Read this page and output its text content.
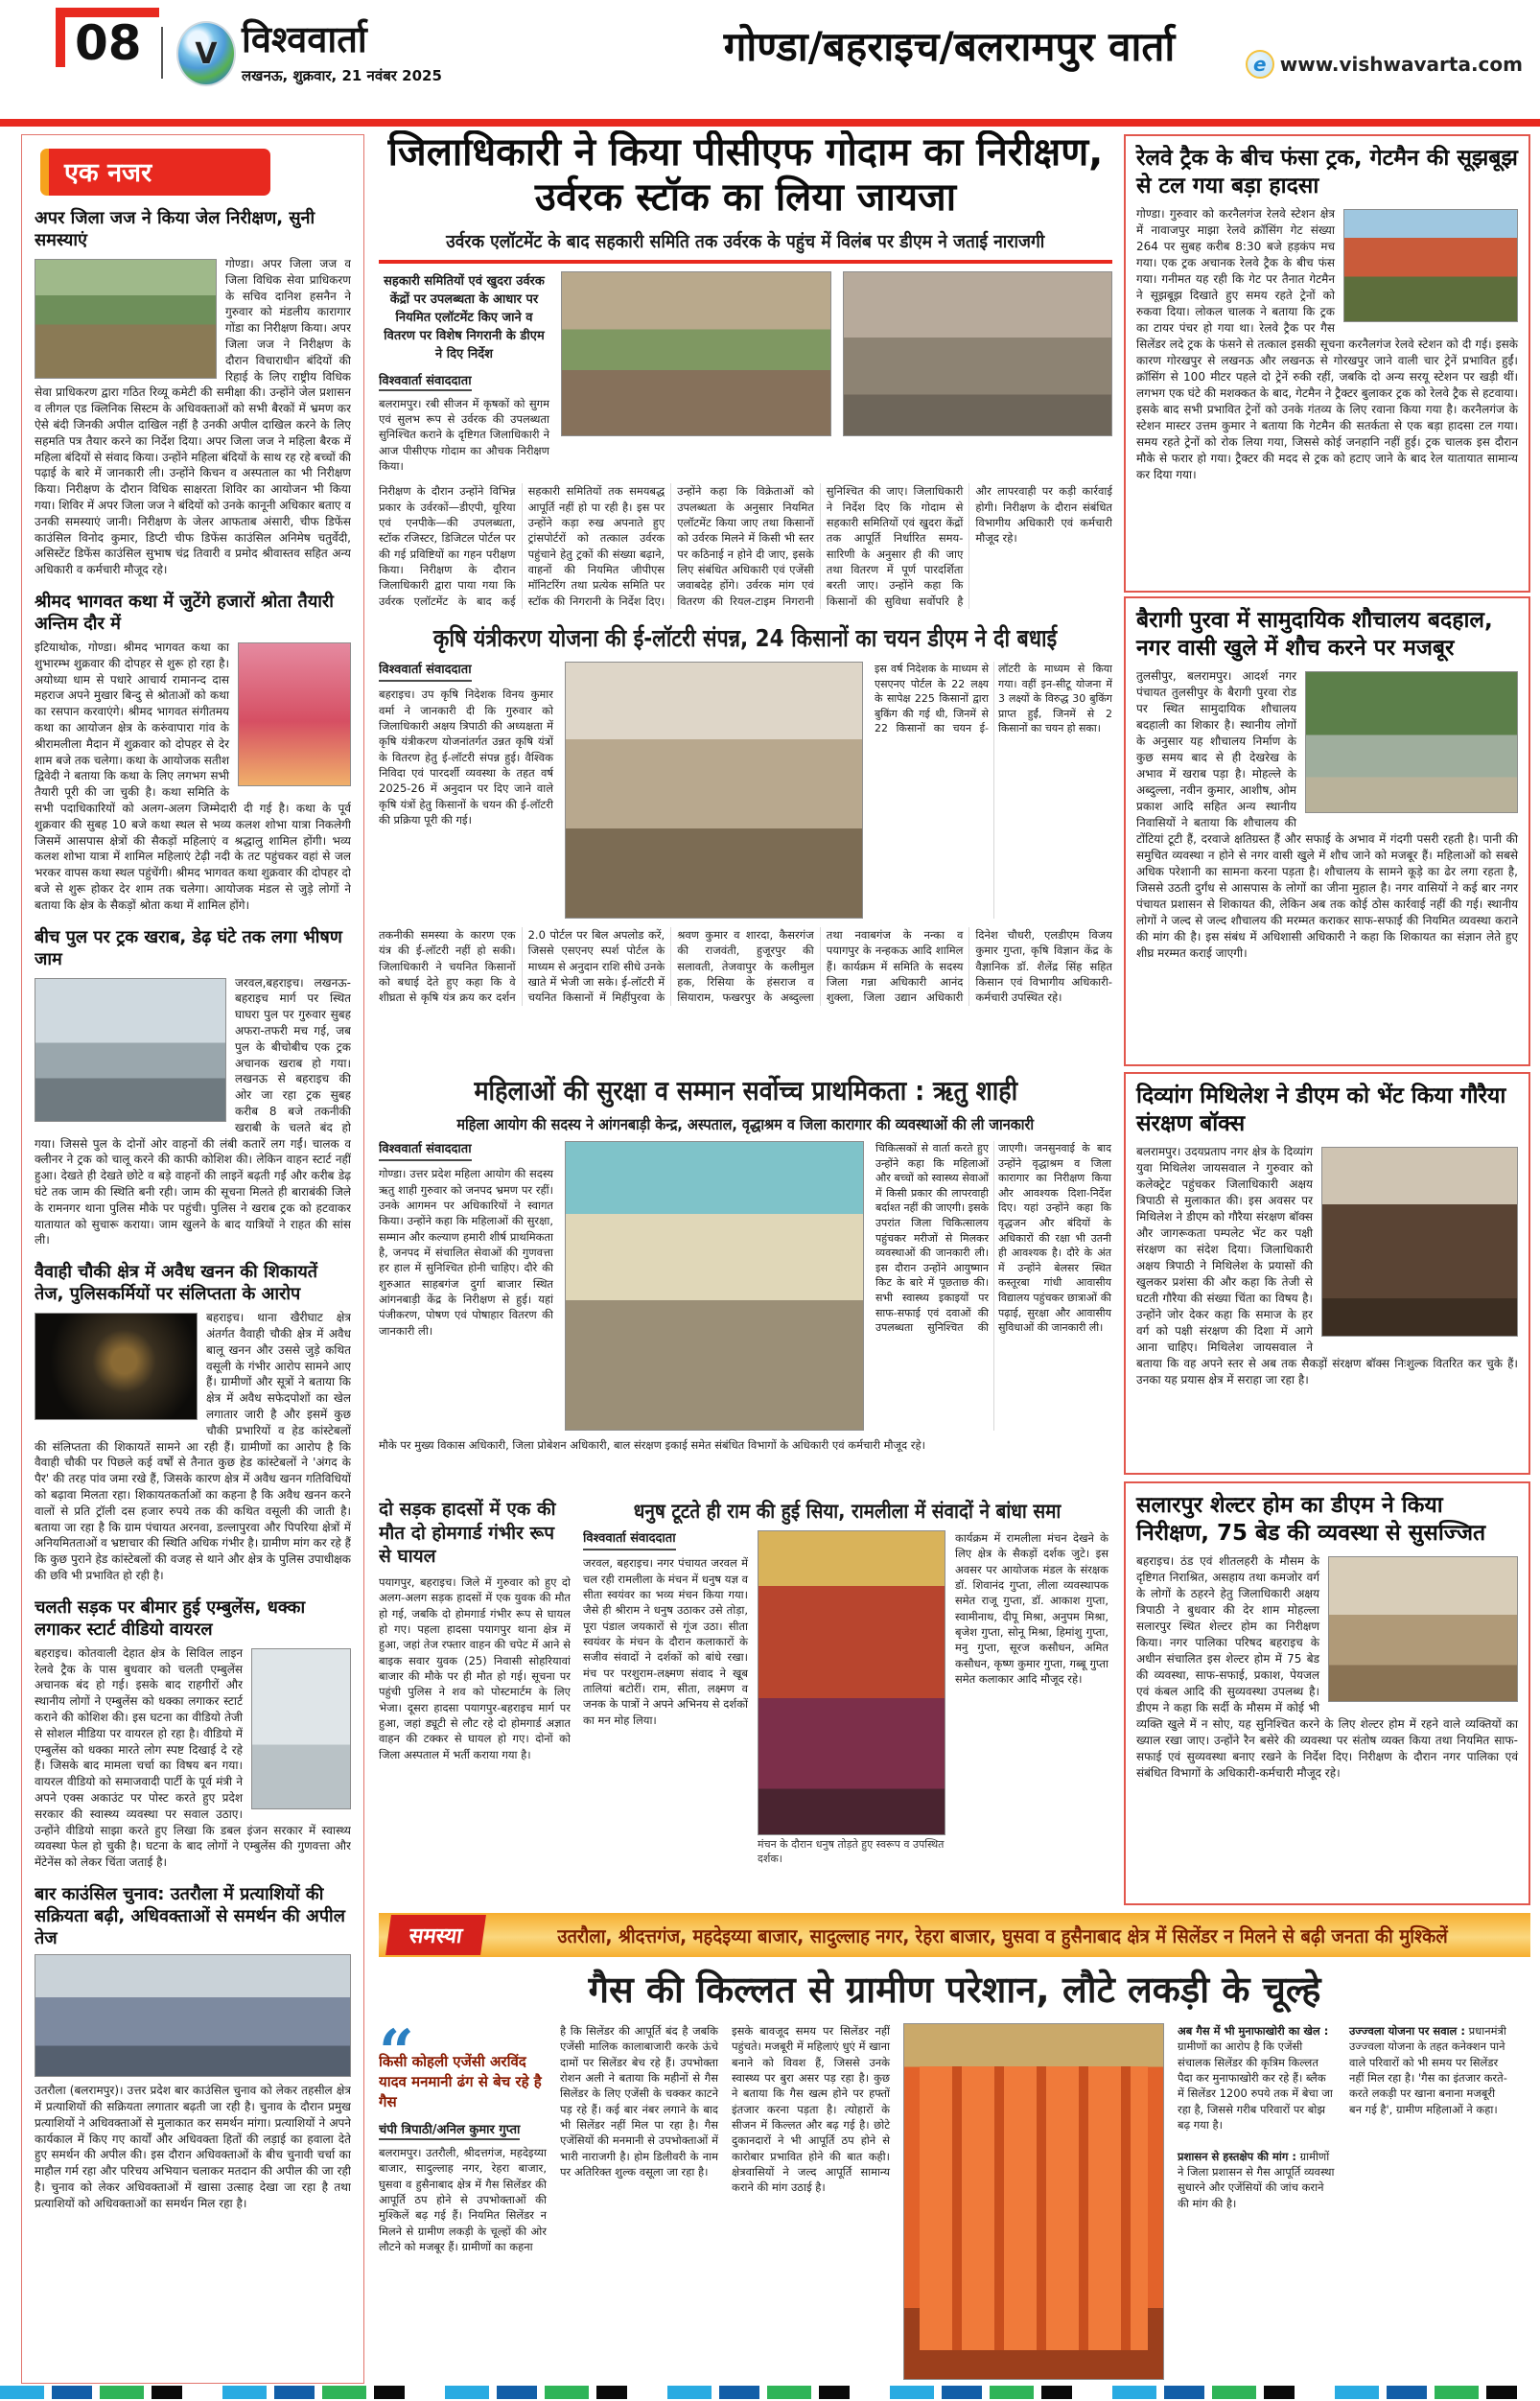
08	V विश्ववार्ता
लखनऊ, शुक्रवार, 21 नवंबर 2025
गोण्डा/बहराइच/बलरामपुर वार्ता	e www.vishwavarta.com
एक नजर
अपर जिला जज ने किया जेल निरीक्षण, सुनी समस्याएं

गोण्डा। अपर जिला जज व जिला विधिक सेवा प्राधिकरण के सचिव दानिश हसनैन ने गुरुवार को मंडलीय कारागार गोंडा का निरीक्षण किया। अपर जिला जज ने निरीक्षण के दौरान विचाराधीन बंदियों की रिहाई के लिए राष्ट्रीय विधिक सेवा प्राधिकरण द्वारा गठित रिव्यू कमेटी की समीक्षा की। उन्होंने जेल प्रशासन व लीगल एड क्लिनिक सिस्टम के अधिवक्ताओं को सभी बैरकों में भ्रमण कर ऐसे बंदी जिनकी अपील दाखिल नहीं है उनकी अपील दाखिल करने के लिए सहमति पत्र तैयार करने का निर्देश दिया। अपर जिला जज ने महिला बैरक में महिला बंदियों से संवाद किया। उन्होंने महिला बंदियों के साथ रह रहे बच्चों की पढ़ाई के बारे में जानकारी ली। उन्होंने किचन व अस्पताल का भी निरीक्षण किया। निरीक्षण के दौरान विधिक साक्षरता शिविर का आयोजन भी किया गया। शिविर में अपर जिला जज ने बंदियों को उनके कानूनी अधिकार बताए व उनकी समस्याएं जानी। निरीक्षण के जेलर आफताब अंसारी, चीफ डिफेंस काउंसिल विनोद कुमार, डिप्टी चीफ डिफेंस काउंसिल अनिमेष चतुर्वेदी, असिस्टेंट डिफेंस काउंसिल सुभाष चंद्र तिवारी व प्रमोद श्रीवास्तव सहित अन्य अधिकारी व कर्मचारी मौजूद रहे।

श्रीमद भागवत कथा में जुटेंगे हजारों श्रोता तैयारी अन्तिम दौर में

इटियाथोक, गोण्डा। श्रीमद भागवत कथा का शुभारम्भ शुक्रवार की दोपहर से शुरू हो रहा है। अयोध्या धाम से पधारे आचार्य रामानन्द दास महराज अपने मुखार बिन्दु से श्रोताओं को कथा का रसपान करवाएंगे। श्रीमद भागवत संगीतमय कथा का आयोजन क्षेत्र के करुंवापारा गांव के श्रीरामलीला मैदान में शुक्रवार को दोपहर से देर शाम बजे तक चलेगा। कथा के आयोजक सतीश द्विवेदी ने बताया कि कथा के लिए लगभग सभी तैयारी पूरी की जा चुकी है। कथा समिति के सभी पदाधिकारियों को अलग-अलग जिम्मेदारी दी गई है। कथा के पूर्व शुक्रवार की सुबह 10 बजे कथा स्थल से भव्य कलश शोभा यात्रा निकलेगी जिसमें आसपास क्षेत्रों की सैकड़ों महिलाएं व श्रद्धालु शामिल होंगी। भव्य कलश शोभा यात्रा में शामिल महिलाएं टेढ़ी नदी के तट पहुंचकर वहां से जल भरकर वापस कथा स्थल पहुंचेंगी। श्रीमद भागवत कथा शुक्रवार की दोपहर दो बजे से शुरू होकर देर शाम तक चलेगा। आयोजक मंडल से जुड़े लोगों ने बताया कि क्षेत्र के सैकड़ों श्रोता कथा में शामिल होंगे।

बीच पुल पर ट्रक खराब, डेढ़ घंटे तक लगा भीषण जाम

जरवल,बहराइच। लखनऊ-बहराइच मार्ग पर स्थित घाघरा पुल पर गुरुवार सुबह अफरा-तफरी मच गई, जब पुल के बीचोबीच एक ट्रक अचानक खराब हो गया। लखनऊ से बहराइच की ओर जा रहा ट्रक सुबह करीब 8 बजे तकनीकी खराबी के चलते बंद हो गया। जिससे पुल के दोनों ओर वाहनों की लंबी कतारें लग गईं। चालक व क्लीनर ने ट्रक को चालू करने की काफी कोशिश की। लेकिन वाहन स्टार्ट नहीं हुआ। देखते ही देखते छोटे व बड़े वाहनों की लाइनें बढ़ती गईं और करीब डेढ़ घंटे तक जाम की स्थिति बनी रही। जाम की सूचना मिलते ही बाराबंकी जिले के रामनगर थाना पुलिस मौके पर पहुंची। पुलिस ने खराब ट्रक को हटवाकर यातायात को सुचारू कराया। जाम खुलने के बाद यात्रियों ने राहत की सांस ली।

वैवाही चौकी क्षेत्र में अवैध खनन की शिकायतें तेज, पुलिसकर्मियों पर संलिप्तता के आरोप

बहराइच। थाना खैरीघाट क्षेत्र अंतर्गत वैवाही चौकी क्षेत्र में अवैध बालू खनन और उससे जुड़े कथित वसूली के गंभीर आरोप सामने आए हैं। ग्रामीणों और सूत्रों ने बताया कि क्षेत्र में अवैध सफेदपोशों का खेल लगातार जारी है और इसमें कुछ चौकी प्रभारियों व हेड कांस्टेबलों की संलिप्तता की शिकायतें सामने आ रही हैं। ग्रामीणों का आरोप है कि वैवाही चौकी पर पिछले कई वर्षों से तैनात कुछ हेड कांस्टेबलों ने 'अंगद के पैर' की तरह पांव जमा रखे हैं, जिसके कारण क्षेत्र में अवैध खनन गतिविधियों को बढ़ावा मिलता रहा। शिकायतकर्ताओं का कहना है कि अवैध खनन करने वालों से प्रति ट्रॉली दस हजार रुपये तक की कथित वसूली की जाती है। बताया जा रहा है कि ग्राम पंचायत अरनवा, डल्लापुरवा और पिपरिया क्षेत्रों में अनियमितताओं व भ्रष्टाचार की स्थिति अधिक गंभीर है। ग्रामीण मांग कर रहे हैं कि कुछ पुराने हेड कांस्टेबलों की वजह से थाने और क्षेत्र के पुलिस उपाधीक्षक की छवि भी प्रभावित हो रही है।

चलती सड़क पर बीमार हुई एम्बुलेंस, धक्का लगाकर स्टार्ट वीडियो वायरल

बहराइच। कोतवाली देहात क्षेत्र के सिविल लाइन रेलवे ट्रैक के पास बुधवार को चलती एम्बुलेंस अचानक बंद हो गई। इसके बाद राहगीरों और स्थानीय लोगों ने एम्बुलेंस को धक्का लगाकर स्टार्ट कराने की कोशिश की। इस घटना का वीडियो तेजी से सोशल मीडिया पर वायरल हो रहा है। वीडियो में एम्बुलेंस को धक्का मारते लोग स्पष्ट दिखाई दे रहे हैं। जिसके बाद मामला चर्चा का विषय बन गया। वायरल वीडियो को समाजवादी पार्टी के पूर्व मंत्री ने अपने एक्स अकाउंट पर पोस्ट करते हुए प्रदेश सरकार की स्वास्थ्य व्यवस्था पर सवाल उठाए। उन्होंने वीडियो साझा करते हुए लिखा कि डबल इंजन सरकार में स्वास्थ्य व्यवस्था फेल हो चुकी है। घटना के बाद लोगों ने एम्बुलेंस की गुणवत्ता और मेंटेनेंस को लेकर चिंता जताई है।

बार काउंसिल चुनाव: उतरौला में प्रत्याशियों की सक्रियता बढ़ी, अधिवक्ताओं से समर्थन की अपील तेज

उतरौला (बलरामपुर)। उत्तर प्रदेश बार काउंसिल चुनाव को लेकर तहसील क्षेत्र में प्रत्याशियों की सक्रियता लगातार बढ़ती जा रही है। चुनाव के दौरान प्रमुख प्रत्याशियों ने अधिवक्ताओं से मुलाकात कर समर्थन मांगा। प्रत्याशियों ने अपने कार्यकाल में किए गए कार्यों और अधिवक्ता हितों की लड़ाई का हवाला देते हुए समर्थन की अपील की। इस दौरान अधिवक्ताओं के बीच चुनावी चर्चा का माहौल गर्म रहा और परिचय अभियान चलाकर मतदान की अपील की जा रही है। चुनाव को लेकर अधिवक्ताओं में खासा उत्साह देखा जा रहा है तथा प्रत्याशियों को अधिवक्ताओं का समर्थन मिल रहा है।

जिलाधिकारी ने किया पीसीएफ गोदाम का निरीक्षण, उर्वरक स्टॉक का लिया जायजा
उर्वरक एलॉटमेंट के बाद सहकारी समिति तक उर्वरक के पहुंच में विलंब पर डीएम ने जताई नाराजगी
सहकारी समितियों एवं खुदरा उर्वरक केंद्रों पर उपलब्धता के आधार पर नियमित एलॉटमेंट किए जाने व वितरण पर विशेष निगरानी के डीएम ने दिए निर्देश
विश्ववार्ता संवाददाता

बलरामपुर। रबी सीजन में कृषकों को सुगम एवं सुलभ रूप से उर्वरक की उपलब्धता सुनिश्चित कराने के दृष्टिगत जिलाधिकारी ने आज पीसीएफ गोदाम का औचक निरीक्षण किया।

निरीक्षण के दौरान उन्होंने विभिन्न प्रकार के उर्वरकों—डीएपी, यूरिया एवं एनपीके—की उपलब्धता, स्टॉक रजिस्टर, डिजिटल पोर्टल पर की गई प्रविष्टियों का गहन परीक्षण किया। निरीक्षण के दौरान जिलाधिकारी द्वारा पाया गया कि उर्वरक एलॉटमेंट के बाद कई सहकारी समितियों तक समयबद्ध आपूर्ति नहीं हो पा रही है। इस पर उन्होंने कड़ा रुख अपनाते हुए ट्रांसपोर्टरों को तत्काल उर्वरक पहुंचाने हेतु ट्रकों की संख्या बढ़ाने, वाहनों की नियमित जीपीएस मॉनिटरिंग तथा प्रत्येक समिति पर स्टॉक की निगरानी के निर्देश दिए। उन्होंने कहा कि विक्रेताओं को उपलब्धता के अनुसार नियमित एलॉटमेंट किया जाए तथा किसानों को उर्वरक मिलने में किसी भी स्तर पर कठिनाई न होने दी जाए, इसके लिए संबंधित अधिकारी एवं एजेंसी जवाबदेह होंगे। उर्वरक मांग एवं वितरण की रियल-टाइम निगरानी सुनिश्चित की जाए। जिलाधिकारी ने निर्देश दिए कि गोदाम से सहकारी समितियों एवं खुदरा केंद्रों तक आपूर्ति निर्धारित समय-सारिणी के अनुसार ही की जाए तथा वितरण में पूर्ण पारदर्शिता बरती जाए। उन्होंने कहा कि किसानों की सुविधा सर्वोपरि है और लापरवाही पर कड़ी कार्रवाई होगी। निरीक्षण के दौरान संबंधित विभागीय अधिकारी एवं कर्मचारी मौजूद रहे।
रेलवे ट्रैक के बीच फंसा ट्रक, गेटमैन की सूझबूझ से टल गया बड़ा हादसा

गोण्डा। गुरुवार को करनैलगंज रेलवे स्टेशन क्षेत्र में नावाजपुर माझा रेलवे क्रॉसिंग गेट संख्या 264 पर सुबह करीब 8:30 बजे हड़कंप मच गया। एक ट्रक अचानक रेलवे ट्रैक के बीच फंस गया। गनीमत यह रही कि गेट पर तैनात गेटमैन ने सूझबूझ दिखाते हुए समय रहते ट्रेनों को रुकवा दिया। लोकल चालक ने बताया कि ट्रक का टायर पंचर हो गया था। रेलवे ट्रैक पर गैस सिलेंडर लदे ट्रक के फंसने से तत्काल इसकी सूचना करनैलगंज रेलवे स्टेशन को दी गई। इसके कारण गोरखपुर से लखनऊ और लखनऊ से गोरखपुर जाने वाली चार ट्रेनें प्रभावित हुईं। क्रॉसिंग से 100 मीटर पहले दो ट्रेनें रुकी रहीं, जबकि दो अन्य सरयू स्टेशन पर खड़ी थीं। लगभग एक घंटे की मशक्कत के बाद, गेटमैन ने ट्रैक्टर बुलाकर ट्रक को रेलवे ट्रैक से हटवाया। इसके बाद सभी प्रभावित ट्रेनों को उनके गंतव्य के लिए रवाना किया गया है। करनैलगंज के स्टेशन मास्टर उत्तम कुमार ने बताया कि गेटमैन की सतर्कता से एक बड़ा हादसा टल गया। समय रहते ट्रेनों को रोक लिया गया, जिससे कोई जनहानि नहीं हुई। ट्रक चालक इस दौरान मौके से फरार हो गया। ट्रैक्टर की मदद से ट्रक को हटाए जाने के बाद रेल यातायात सामान्य कर दिया गया।

कृषि यंत्रीकरण योजना की ई-लॉटरी संपन्न, 24 किसानों का चयन डीएम ने दी बधाई
विश्ववार्ता संवाददाता

बहराइच। उप कृषि निदेशक विनय कुमार वर्मा ने जानकारी दी कि गुरुवार को जिलाधिकारी अक्षय त्रिपाठी की अध्यक्षता में कृषि यंत्रीकरण योजनांतर्गत उन्नत कृषि यंत्रों के वितरण हेतु ई-लॉटरी संपन्न हुई। वैश्विक निविदा एवं पारदर्शी व्यवस्था के तहत वर्ष 2025-26 में अनुदान पर दिए जाने वाले कृषि यंत्रों हेतु किसानों के चयन की ई-लॉटरी की प्रक्रिया पूरी की गई।

इस वर्ष निदेशक के माध्यम से एसएनए पोर्टल के 22 लक्ष्य के सापेक्ष 225 किसानों द्वारा बुकिंग की गई थी, जिनमें से 22 किसानों का चयन ई-लॉटरी के माध्यम से किया गया। वहीं इन-सीटू योजना में 3 लक्ष्यों के विरुद्ध 30 बुकिंग प्राप्त हुईं, जिनमें से 2 किसानों का चयन हो सका।
तकनीकी समस्या के कारण एक यंत्र की ई-लॉटरी नहीं हो सकी। जिलाधिकारी ने चयनित किसानों को बधाई देते हुए कहा कि वे शीघ्रता से कृषि यंत्र क्रय कर दर्शन 2.0 पोर्टल पर बिल अपलोड करें, जिससे एसएनए स्पर्श पोर्टल के माध्यम से अनुदान राशि सीधे उनके खाते में भेजी जा सके। ई-लॉटरी में चयनित किसानों में मिहींपुरवा के श्रवण कुमार व शारदा, कैसरगंज की राजवंती, हुजूरपुर की सलावती, तेजवापुर के कलीमुल हक, रिसिया के हंसराज व सियाराम, फखरपुर के अब्दुल्ला तथा नवाबगंज के नन्का व पयागपुर के नन्हकऊ आदि शामिल हैं। कार्यक्रम में समिति के सदस्य जिला गन्ना अधिकारी आनंद शुक्ला, जिला उद्यान अधिकारी दिनेश चौधरी, एलडीएम विजय कुमार गुप्ता, कृषि विज्ञान केंद्र के वैज्ञानिक डॉ. शैलेंद्र सिंह सहित किसान एवं विभागीय अधिकारी-कर्मचारी उपस्थित रहे।
बैरागी पुरवा में सामुदायिक शौचालय बदहाल, नगर वासी खुले में शौच करने पर मजबूर

तुलसीपुर, बलरामपुर। आदर्श नगर पंचायत तुलसीपुर के बैरागी पुरवा रोड पर स्थित सामुदायिक शौचालय बदहाली का शिकार है। स्थानीय लोगों के अनुसार यह शौचालय निर्माण के कुछ समय बाद से ही देखरेख के अभाव में खराब पड़ा है। मोहल्ले के अब्दुल्ला, नवीन कुमार, आशीष, ओम प्रकाश आदि सहित अन्य स्थानीय निवासियों ने बताया कि शौचालय की टोंटियां टूटी हैं, दरवाजे क्षतिग्रस्त हैं और सफाई के अभाव में गंदगी पसरी रहती है। पानी की समुचित व्यवस्था न होने से नगर वासी खुले में शौच जाने को मजबूर हैं। महिलाओं को सबसे अधिक परेशानी का सामना करना पड़ता है। शौचालय के सामने कूड़े का ढेर लगा रहता है, जिससे उठती दुर्गंध से आसपास के लोगों का जीना मुहाल है। नगर वासियों ने कई बार नगर पंचायत प्रशासन से शिकायत की, लेकिन अब तक कोई ठोस कार्रवाई नहीं की गई। स्थानीय लोगों ने जल्द से जल्द शौचालय की मरम्मत कराकर साफ-सफाई की नियमित व्यवस्था कराने की मांग की है। इस संबंध में अधिशासी अधिकारी ने कहा कि शिकायत का संज्ञान लेते हुए शीघ्र मरम्मत कराई जाएगी।

महिलाओं की सुरक्षा व सम्मान सर्वोच्च प्राथमिकता : ऋतु शाही
महिला आयोग की सदस्य ने आंगनबाड़ी केन्द्र, अस्पताल, वृद्धाश्रम व जिला कारागार की व्यवस्थाओं की ली जानकारी
विश्ववार्ता संवाददाता

गोण्डा। उत्तर प्रदेश महिला आयोग की सदस्य ऋतु शाही गुरुवार को जनपद भ्रमण पर रहीं। उनके आगमन पर अधिकारियों ने स्वागत किया। उन्होंने कहा कि महिलाओं की सुरक्षा, सम्मान और कल्याण हमारी शीर्ष प्राथमिकता है, जनपद में संचालित सेवाओं की गुणवत्ता हर हाल में सुनिश्चित होनी चाहिए। दौरे की शुरुआत साहबगंज दुर्गा बाजार स्थित आंगनबाड़ी केंद्र के निरीक्षण से हुई। यहां पंजीकरण, पोषण एवं पोषाहार वितरण की जानकारी ली।

चिकित्सकों से वार्ता करते हुए उन्होंने कहा कि महिलाओं और बच्चों को स्वास्थ्य सेवाओं में किसी प्रकार की लापरवाही बर्दाश्त नहीं की जाएगी। इसके उपरांत जिला चिकित्सालय पहुंचकर मरीजों से मिलकर व्यवस्थाओं की जानकारी ली। इस दौरान उन्होंने आयुष्मान किट के बारे में पूछताछ की। सभी स्वास्थ्य इकाइयों पर साफ-सफाई एवं दवाओं की उपलब्धता सुनिश्चित की जाएगी। जनसुनवाई के बाद उन्होंने वृद्धाश्रम व जिला कारागार का निरीक्षण किया और आवश्यक दिशा-निर्देश दिए। यहां उन्होंने कहा कि वृद्धजन और बंदियों के अधिकारों की रक्षा भी उतनी ही आवश्यक है। दौरे के अंत में उन्होंने बेलसर स्थित कस्तूरबा गांधी आवासीय विद्यालय पहुंचकर छात्राओं की पढ़ाई, सुरक्षा और आवासीय सुविधाओं की जानकारी ली।

मौके पर मुख्य विकास अधिकारी, जिला प्रोबेशन अधिकारी, बाल संरक्षण इकाई समेत संबंधित विभागों के अधिकारी एवं कर्मचारी मौजूद रहे।

दिव्यांग मिथिलेश ने डीएम को भेंट किया गौरैया संरक्षण बॉक्स

बलरामपुर। उदयप्रताप नगर क्षेत्र के दिव्यांग युवा मिथिलेश जायसवाल ने गुरुवार को कलेक्ट्रेट पहुंचकर जिलाधिकारी अक्षय त्रिपाठी से मुलाकात की। इस अवसर पर मिथिलेश ने डीएम को गौरैया संरक्षण बॉक्स और जागरूकता पम्पलेट भेंट कर पक्षी संरक्षण का संदेश दिया। जिलाधिकारी अक्षय त्रिपाठी ने मिथिलेश के प्रयासों की खुलकर प्रशंसा की और कहा कि तेजी से घटती गौरैया की संख्या चिंता का विषय है। उन्होंने जोर देकर कहा कि समाज के हर वर्ग को पक्षी संरक्षण की दिशा में आगे आना चाहिए। मिथिलेश जायसवाल ने बताया कि वह अपने स्तर से अब तक सैकड़ों संरक्षण बॉक्स निःशुल्क वितरित कर चुके हैं। उनका यह प्रयास क्षेत्र में सराहा जा रहा है।

दो सड़क हादसों में एक की मौत दो होमगार्ड गंभीर रूप से घायल

पयागपुर, बहराइच। जिले में गुरुवार को हुए दो अलग-अलग सड़क हादसों में एक युवक की मौत हो गई, जबकि दो होमगार्ड गंभीर रूप से घायल हो गए। पहला हादसा पयागपुर थाना क्षेत्र में हुआ, जहां तेज रफ्तार वाहन की चपेट में आने से बाइक सवार युवक (25) निवासी सोहरियावां बाजार की मौके पर ही मौत हो गई। सूचना पर पहुंची पुलिस ने शव को पोस्टमार्टम के लिए भेजा। दूसरा हादसा पयागपुर-बहराइच मार्ग पर हुआ, जहां ड्यूटी से लौट रहे दो होमगार्ड अज्ञात वाहन की टक्कर से घायल हो गए। दोनों को जिला अस्पताल में भर्ती कराया गया है।

धनुष टूटते ही राम की हुई सिया, रामलीला में संवादों ने बांधा समा
विश्ववार्ता संवाददाता

जरवल, बहराइच। नगर पंचायत जरवल में चल रही रामलीला के मंचन में धनुष यज्ञ व सीता स्वयंवर का भव्य मंचन किया गया। जैसे ही श्रीराम ने धनुष उठाकर उसे तोड़ा, पूरा पंडाल जयकारों से गूंज उठा। सीता स्वयंवर के मंचन के दौरान कलाकारों के सजीव संवादों ने दर्शकों को बांधे रखा। मंच पर परशुराम-लक्ष्मण संवाद ने खूब तालियां बटोरीं। राम, सीता, लक्ष्मण व जनक के पात्रों ने अपने अभिनय से दर्शकों का मन मोह लिया।

मंचन के दौरान धनुष तोड़ते हुए स्वरूप व उपस्थित दर्शक।

कार्यक्रम में रामलीला मंचन देखने के लिए क्षेत्र के सैकड़ों दर्शक जुटे। इस अवसर पर आयोजक मंडल के संरक्षक डॉ. शिवानंद गुप्ता, लीला व्यवस्थापक समेत राजू गुप्ता, डॉ. आकाश गुप्ता, स्वामीनाथ, दीपू मिश्रा, अनुपम मिश्रा, बृजेश गुप्ता, सोनू मिश्रा, हिमांशु गुप्ता, मनु गुप्ता, सूरज कसौधन, अमित कसौधन, कृष्ण कुमार गुप्ता, गब्बू गुप्ता समेत कलाकार आदि मौजूद रहे।

सलारपुर शेल्टर होम का डीएम ने किया निरीक्षण, 75 बेड की व्यवस्था से सुसज्जित

बहराइच। ठंड एवं शीतलहरी के मौसम के दृष्टिगत निराश्रित, असहाय तथा कमजोर वर्ग के लोगों के ठहरने हेतु जिलाधिकारी अक्षय त्रिपाठी ने बुधवार की देर शाम मोहल्ला सलारपुर स्थित शेल्टर होम का निरीक्षण किया। नगर पालिका परिषद बहराइच के अधीन संचालित इस शेल्टर होम में 75 बेड की व्यवस्था, साफ-सफाई, प्रकाश, पेयजल एवं कंबल आदि की सुव्यवस्था उपलब्ध है। डीएम ने कहा कि सर्दी के मौसम में कोई भी व्यक्ति खुले में न सोए, यह सुनिश्चित करने के लिए शेल्टर होम में रहने वाले व्यक्तियों का ख्याल रखा जाए। उन्होंने रैन बसेरे की व्यवस्था पर संतोष व्यक्त किया तथा नियमित साफ-सफाई एवं सुव्यवस्था बनाए रखने के निर्देश दिए। निरीक्षण के दौरान नगर पालिका एवं संबंधित विभागों के अधिकारी-कर्मचारी मौजूद रहे।

समस्या	उतरौला, श्रीदत्तगंज, महदेइय्या बाजार, सादुल्लाह नगर, रेहरा बाजार, घुसवा व हुसैनाबाद क्षेत्र में सिलेंडर न मिलने से बढ़ी जनता की मुश्किलें
गैस की किल्लत से ग्रामीण परेशान, लौटे लकड़ी के चूल्हे
“ किसी कोहली एजेंसी अरविंद यादव मनमानी ढंग से बेच रहे है गैस
चंपी त्रिपाठी/अनिल कुमार गुप्ता

बलरामपुर। उतरौली, श्रीदत्तगंज, महदेइय्या बाजार, सादुल्लाह नगर, रेहरा बाजार, घुसवा व हुसैनाबाद क्षेत्र में गैस सिलेंडर की आपूर्ति ठप होने से उपभोक्ताओं की मुश्किलें बढ़ गई हैं। नियमित सिलेंडर न मिलने से ग्रामीण लकड़ी के चूल्हों की ओर लौटने को मजबूर हैं। ग्रामीणों का कहना

है कि सिलेंडर की आपूर्ति बंद है जबकि एजेंसी मालिक कालाबाजारी करके ऊंचे दामों पर सिलेंडर बेच रहे हैं। उपभोक्ता रोशन अली ने बताया कि महीनों से गैस सिलेंडर के लिए एजेंसी के चक्कर काटने पड़ रहे हैं। कई बार नंबर लगाने के बाद भी सिलेंडर नहीं मिल पा रहा है। गैस एजेंसियों की मनमानी से उपभोक्ताओं में भारी नाराजगी है। होम डिलीवरी के नाम पर अतिरिक्त शुल्क वसूला जा रहा है।
इसके बावजूद समय पर सिलेंडर नहीं पहुंचते। मजबूरी में महिलाएं धुएं में खाना बनाने को विवश हैं, जिससे उनके स्वास्थ्य पर बुरा असर पड़ रहा है। कुछ ने बताया कि गैस खत्म होने पर हफ्तों इंतजार करना पड़ता है। त्योहारों के सीजन में किल्लत और बढ़ गई है। छोटे दुकानदारों ने भी आपूर्ति ठप होने से कारोबार प्रभावित होने की बात कही। क्षेत्रवासियों ने जल्द आपूर्ति सामान्य कराने की मांग उठाई है।
अब गैस में भी मुनाफाखोरी का खेल : ग्रामीणों का आरोप है कि एजेंसी संचालक सिलेंडर की कृत्रिम किल्लत पैदा कर मुनाफाखोरी कर रहे हैं। ब्लैक में सिलेंडर 1200 रुपये तक में बेचा जा रहा है, जिससे गरीब परिवारों पर बोझ बढ़ गया है।

प्रशासन से हस्तक्षेप की मांग : ग्रामीणों ने जिला प्रशासन से गैस आपूर्ति व्यवस्था सुधारने और एजेंसियों की जांच कराने की मांग की है।
उज्ज्वला योजना पर सवाल : प्रधानमंत्री उज्ज्वला योजना के तहत कनेक्शन पाने वाले परिवारों को भी समय पर सिलेंडर नहीं मिल रहा है। 'गैस का इंतजार करते-करते लकड़ी पर खाना बनाना मजबूरी बन गई है', ग्रामीण महिलाओं ने कहा।
